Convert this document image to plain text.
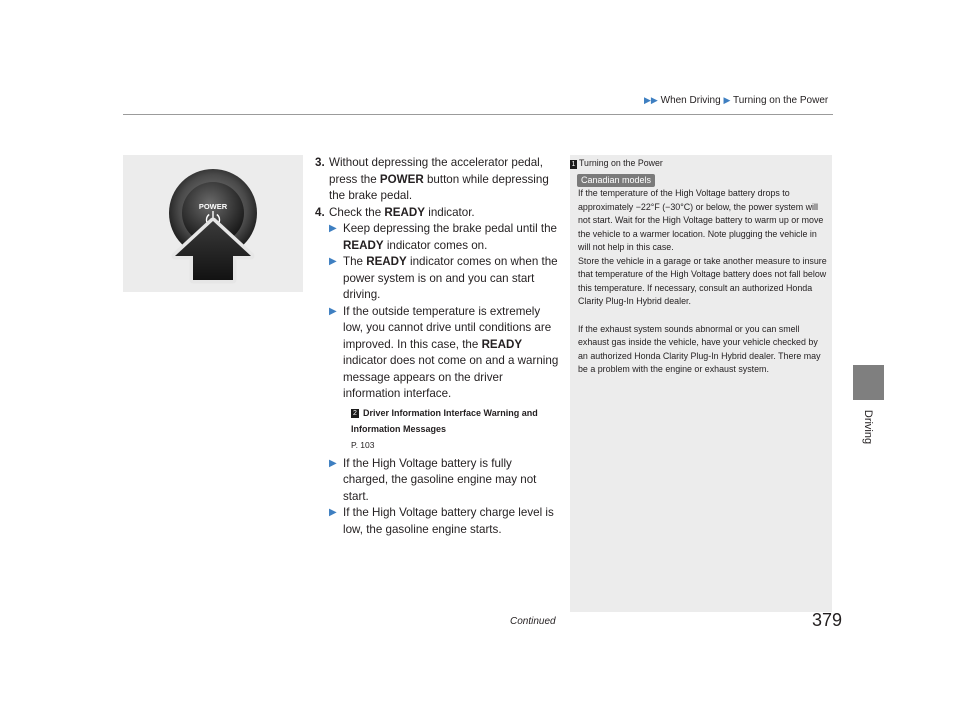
▶▶ When Driving ▶ Turning on the Power
Driving
POWER
3. Without depressing the accelerator pedal, press the POWER button while depressing the brake pedal.
4. Check the READY indicator.
▶ Keep depressing the brake pedal until the READY indicator comes on.
▶ The READY indicator comes on when the power system is on and you can start driving.
▶ If the outside temperature is extremely low, you cannot drive until conditions are improved. In this case, the READY indicator does not come on and a warning message appears on the driver information interface.
2 Driver Information Interface Warning and Information Messages
P. 103
▶ If the High Voltage battery is fully charged, the gasoline engine may not start.
▶ If the High Voltage battery charge level is low, the gasoline engine starts.
1 Turning on the Power
Canadian models

If the temperature of the High Voltage battery drops to approximately −22°F (−30°C) or below, the power system will not start. Wait for the High Voltage battery to warm up or move the vehicle to a warmer location. Note plugging the vehicle in will not help in this case.

Store the vehicle in a garage or take another measure to insure that temperature of the High Voltage battery does not fall below this temperature. If necessary, consult an authorized Honda Clarity Plug-In Hybrid dealer.

If the exhaust system sounds abnormal or you can smell exhaust gas inside the vehicle, have your vehicle checked by an authorized Honda Clarity Plug-In Hybrid dealer. There may be a problem with the engine or exhaust system.

Continued	379
